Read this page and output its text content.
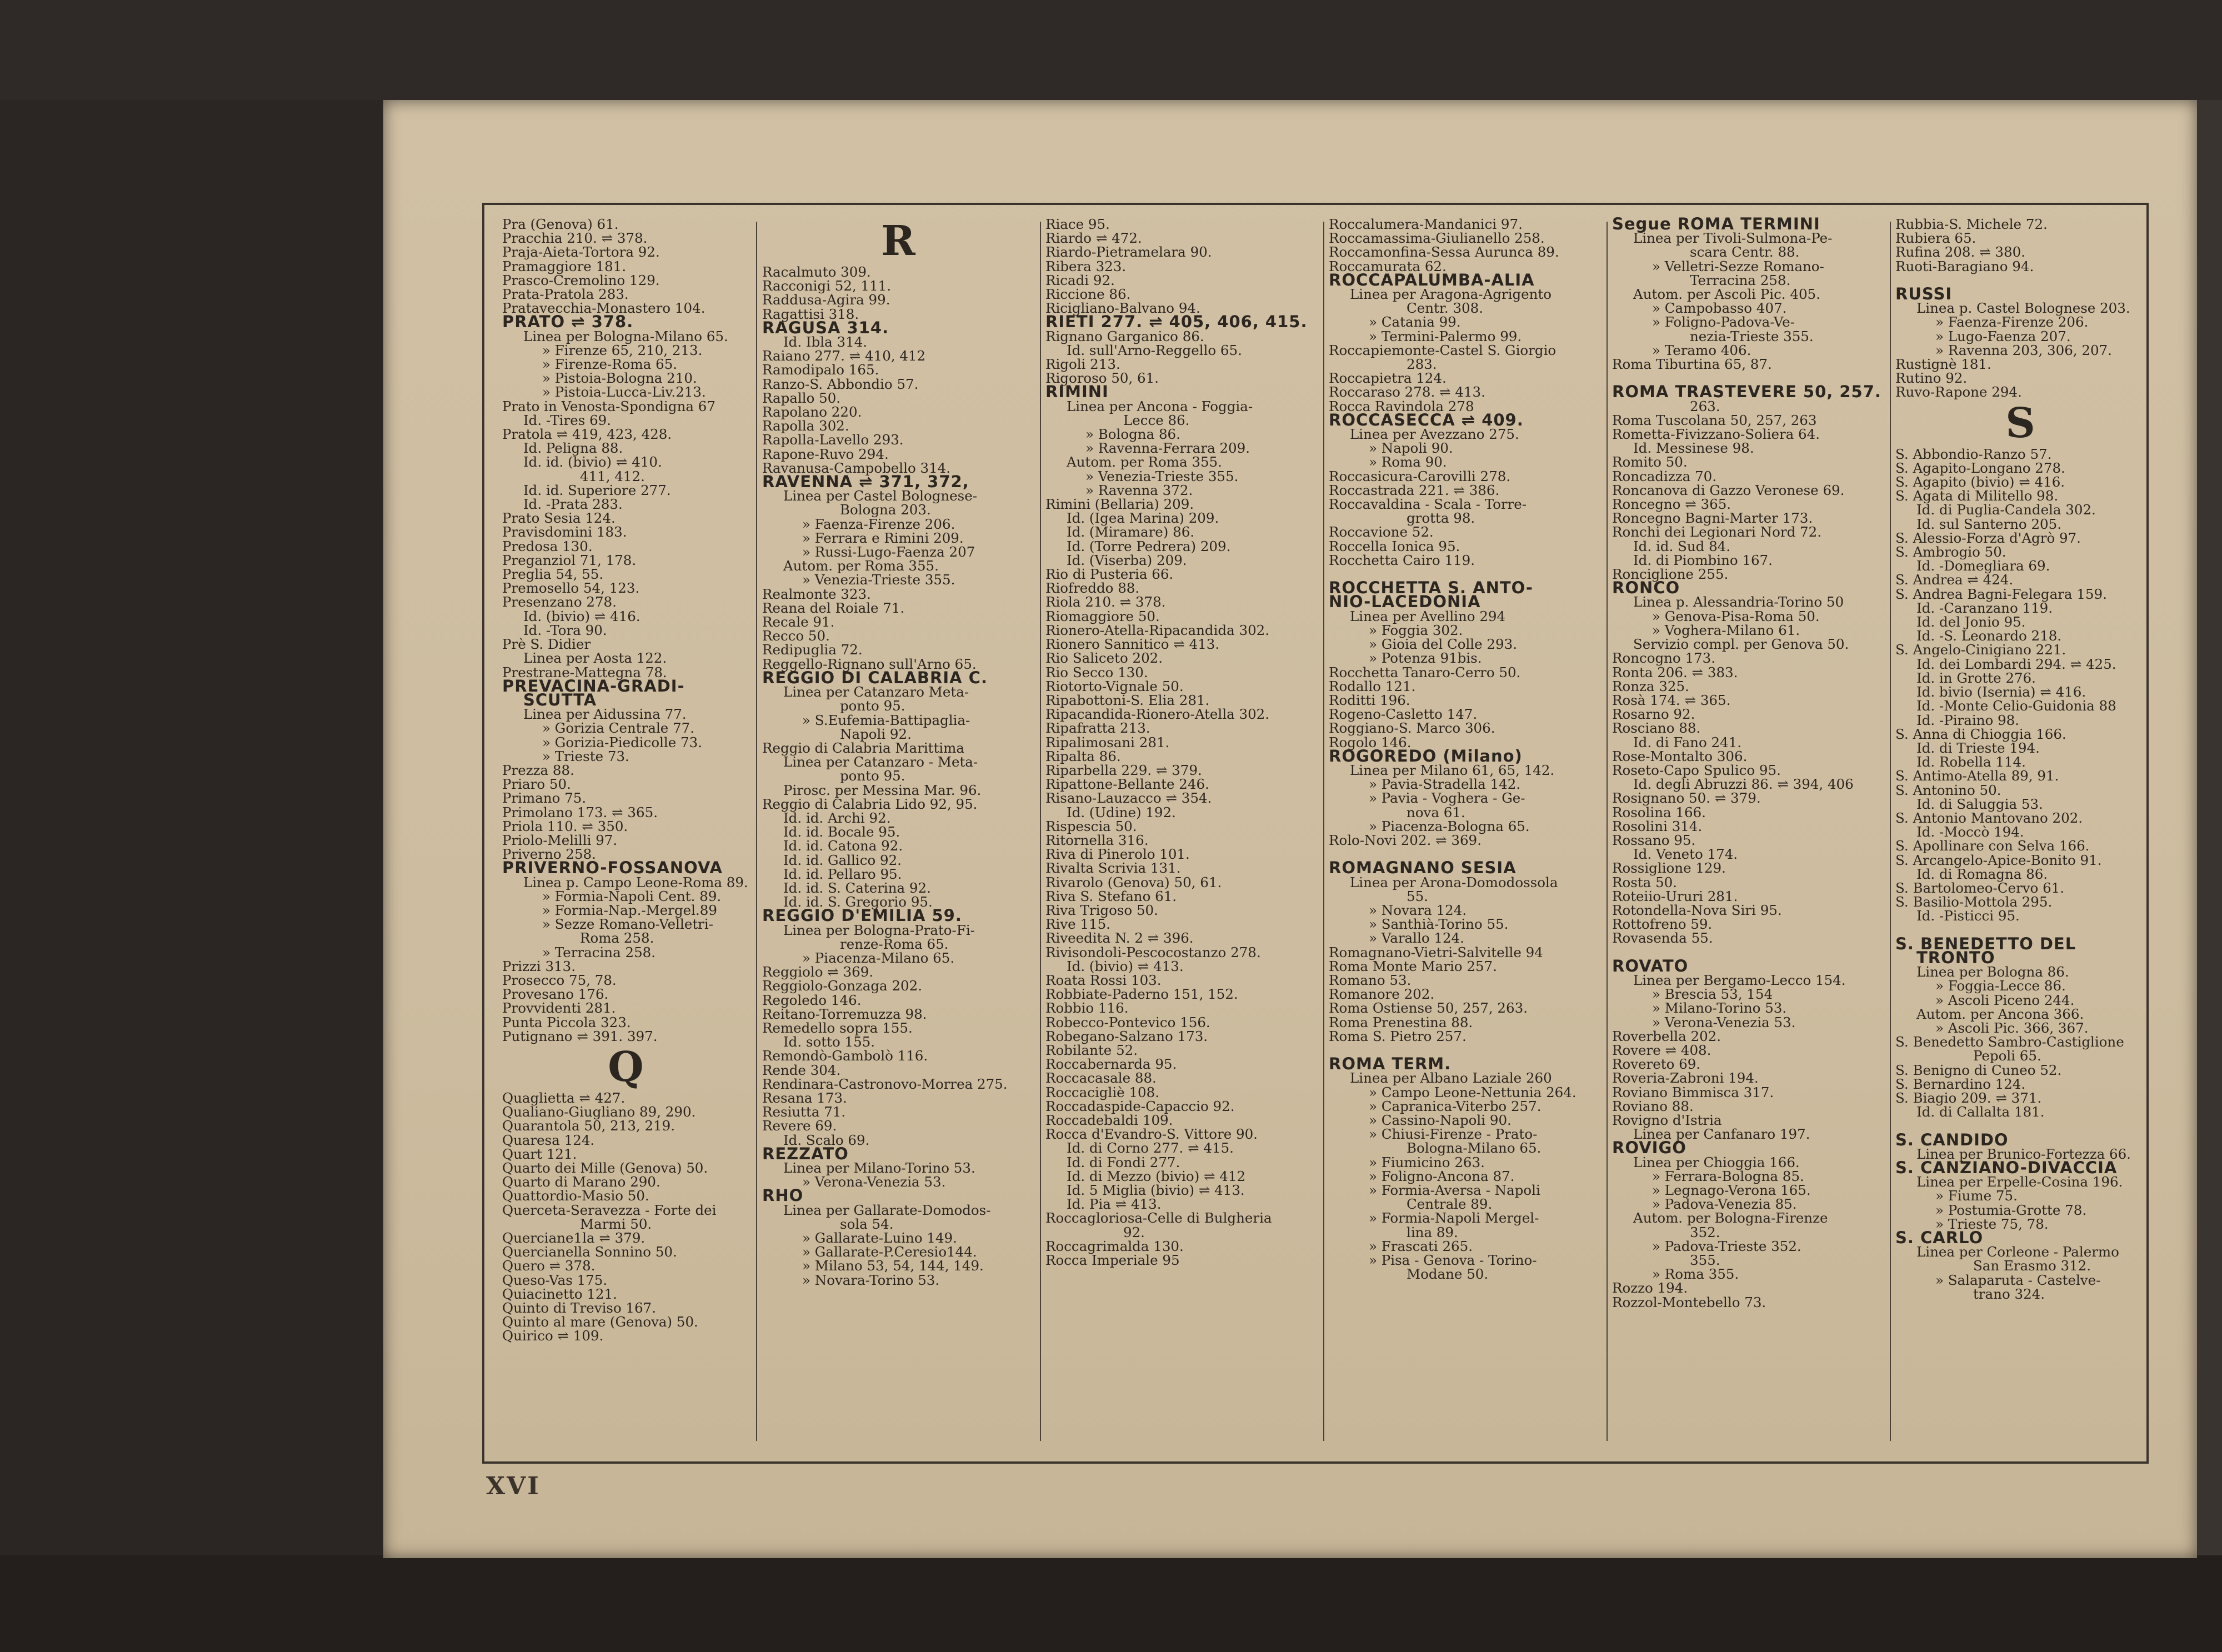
Pra (Genova) 61.
Pracchia 210. ⇌ 378.
Praja-Aieta-Tortora 92.
Pramaggiore 181.
Prasco-Cremolino 129.
Prata-Pratola 283.
Pratavecchia-Monastero 104.
PRATO ⇌ 378.
Linea per Bologna-Milano 65.
» Firenze 65, 210, 213.
» Firenze-Roma 65.
» Pistoia-Bologna 210.
» Pistoia-Lucca-Liv.213.
Prato in Venosta-Spondigna 67
Id. -Tires 69.
Pratola ⇌ 419, 423, 428.
Id. Peligna 88.
Id. id. (bivio) ⇌ 410.
411, 412.
Id. id. Superiore 277.
Id. -Prata 283.
Prato Sesia 124.
Pravisdomini 183.
Predosa 130.
Preganziol 71, 178.
Preglia 54, 55.
Premosello 54, 123.
Presenzano 278.
Id. (bivio) ⇌ 416.
Id. -Tora 90.
Prè S. Didier
Linea per Aosta 122.
Prestrane-Mattegna 78.
PREVACINA-GRADI-
SCUTTA
Linea per Aidussina 77.
» Gorizia Centrale 77.
» Gorizia-Piedicolle 73.
» Trieste 73.
Prezza 88.
Priaro 50.
Primano 75.
Primolano 173. ⇌ 365.
Priola 110. ⇌ 350.
Priolo-Melilli 97.
Priverno 258.
PRIVERNO-FOSSANOVA
Linea p. Campo Leone-Roma 89.
» Formia-Napoli Cent. 89.
» Formia-Nap.-Mergel.89
» Sezze Romano-Velletri-
Roma 258.
» Terracina 258.
Prizzi 313.
Prosecco 75, 78.
Provesano 176.
Provvidenti 281.
Punta Piccola 323.
Putignano ⇌ 391. 397.
Q
Quaglietta ⇌ 427.
Qualiano-Giugliano 89, 290.
Quarantola 50, 213, 219.
Quaresa 124.
Quart 121.
Quarto dei Mille (Genova) 50.
Quarto di Marano 290.
Quattordio-Masio 50.
Querceta-Seravezza - Forte dei
Marmi 50.
Querciane1la ⇌ 379.
Quercianella Sonnino 50.
Quero ⇌ 378.
Queso-Vas 175.
Quiacinetto 121.
Quinto di Treviso 167.
Quinto al mare (Genova) 50.
Quirico ⇌ 109.
R
Racalmuto 309.
Racconigi 52, 111.
Raddusa-Agira 99.
Ragattisi 318.
RAGUSA 314.
Id. Ibla 314.
Raiano 277. ⇌ 410, 412
Ramodipalo 165.
Ranzo-S. Abbondio 57.
Rapallo 50.
Rapolano 220.
Rapolla 302.
Rapolla-Lavello 293.
Rapone-Ruvo 294.
Ravanusa-Campobello 314.
RAVENNA ⇌ 371, 372,
Linea per Castel Bolognese-
Bologna 203.
» Faenza-Firenze 206.
» Ferrara e Rimini 209.
» Russi-Lugo-Faenza 207
Autom. per Roma 355.
» Venezia-Trieste 355.
Realmonte 323.
Reana del Roiale 71.
Recale 91.
Recco 50.
Redipuglia 72.
Reggello-Rignano sull'Arno 65.
REGGIO DI CALABRIA C.
Linea per Catanzaro Meta-
ponto 95.
» S.Eufemia-Battipaglia-
Napoli 92.
Reggio di Calabria Marittima
Linea per Catanzaro - Meta-
ponto 95.
Pirosc. per Messina Mar. 96.
Reggio di Calabria Lido 92, 95.
Id. id. Archi 92.
Id. id. Bocale 95.
Id. id. Catona 92.
Id. id. Gallico 92.
Id. id. Pellaro 95.
Id. id. S. Caterina 92.
Id. id. S. Gregorio 95.
REGGIO D'EMILIA 59.
Linea per Bologna-Prato-Fi-
renze-Roma 65.
» Piacenza-Milano 65.
Reggiolo ⇌ 369.
Reggiolo-Gonzaga 202.
Regoledo 146.
Reitano-Torremuzza 98.
Remedello sopra 155.
Id. sotto 155.
Remondò-Gambolò 116.
Rende 304.
Rendinara-Castronovo-Morrea 275.
Resana 173.
Resiutta 71.
Revere 69.
Id. Scalo 69.
REZZATO
Linea per Milano-Torino 53.
» Verona-Venezia 53.
RHO
Linea per Gallarate-Domodos-
sola 54.
» Gallarate-Luino 149.
» Gallarate-P.Ceresio144.
» Milano 53, 54, 144, 149.
» Novara-Torino 53.
Riace 95.
Riardo ⇌ 472.
Riardo-Pietramelara 90.
Ribera 323.
Ricadi 92.
Riccione 86.
Ricigliano-Balvano 94.
RIETI 277. ⇌ 405, 406, 415.
Rignano Garganico 86.
Id. sull'Arno-Reggello 65.
Rigoli 213.
Rigoroso 50, 61.
RIMINI
Linea per Ancona - Foggia-
Lecce 86.
» Bologna 86.
» Ravenna-Ferrara 209.
Autom. per Roma 355.
» Venezia-Trieste 355.
» Ravenna 372.
Rimini (Bellaria) 209.
Id. (Igea Marina) 209.
Id. (Miramare) 86.
Id. (Torre Pedrera) 209.
Id. (Viserba) 209.
Rio di Pusteria 66.
Riofreddo 88.
Riola 210. ⇌ 378.
Riomaggiore 50.
Rionero-Atella-Ripacandida 302.
Rionero Sannitico ⇌ 413.
Rio Saliceto 202.
Rio Secco 130.
Riotorto-Vignale 50.
Ripabottoni-S. Elia 281.
Ripacandida-Rionero-Atella 302.
Ripafratta 213.
Ripalimosani 281.
Ripalta 86.
Riparbella 229. ⇌ 379.
Ripattone-Bellante 246.
Risano-Lauzacco ⇌ 354.
Id. (Udine) 192.
Rispescia 50.
Ritornella 316.
Riva di Pinerolo 101.
Rivalta Scrivia 131.
Rivarolo (Genova) 50, 61.
Riva S. Stefano 61.
Riva Trigoso 50.
Rive 115.
Riveedita N. 2 ⇌ 396.
Rivisondoli-Pescocostanzo 278.
Id. (bivio) ⇌ 413.
Roata Rossi 103.
Robbiate-Paderno 151, 152.
Robbio 116.
Robecco-Pontevico 156.
Robegano-Salzano 173.
Robilante 52.
Roccabernarda 95.
Roccacasale 88.
Roccacigliè 108.
Roccadaspide-Capaccio 92.
Roccadebaldi 109.
Rocca d'Evandro-S. Vittore 90.
Id. di Corno 277. ⇌ 415.
Id. di Fondi 277.
Id. di Mezzo (bivio) ⇌ 412
Id. 5 Miglia (bivio) ⇌ 413.
Id. Pia ⇌ 413.
Roccagloriosa-Celle di Bulgheria
92.
Roccagrimalda 130.
Rocca Imperiale 95
Roccalumera-Mandanici 97.
Roccamassima-Giulianello 258.
Roccamonfina-Sessa Aurunca 89.
Roccamurata 62.
ROCCAPALUMBA-ALIA
Linea per Aragona-Agrigento
Centr. 308.
» Catania 99.
» Termini-Palermo 99.
Roccapiemonte-Castel S. Giorgio
283.
Roccapietra 124.
Roccaraso 278. ⇌ 413.
Rocca Ravindola 278
ROCCASECCA ⇌ 409.
Linea per Avezzano 275.
» Napoli 90.
» Roma 90.
Roccasicura-Carovilli 278.
Roccastrada 221. ⇌ 386.
Roccavaldina - Scala - Torre-
grotta 98.
Roccavione 52.
Roccella Ionica 95.
Rocchetta Cairo 119.

ROCCHETTA S. ANTO-
NIO-LACEDONIA
Linea per Avellino 294
» Foggia 302.
» Gioia del Colle 293.
» Potenza 91bis.
Rocchetta Tanaro-Cerro 50.
Rodallo 121.
Roditti 196.
Rogeno-Casletto 147.
Roggiano-S. Marco 306.
Rogolo 146.
ROGOREDO (Milano)
Linea per Milano 61, 65, 142.
» Pavia-Stradella 142.
» Pavia - Voghera - Ge-
nova 61.
» Piacenza-Bologna 65.
Rolo-Novi 202. ⇌ 369.

ROMAGNANO SESIA
Linea per Arona-Domodossola
55.
» Novara 124.
» Santhià-Torino 55.
» Varallo 124.
Romagnano-Vietri-Salvitelle 94
Roma Monte Mario 257.
Romano 53.
Romanore 202.
Roma Ostiense 50, 257, 263.
Roma Prenestina 88.
Roma S. Pietro 257.

ROMA TERM.
Linea per Albano Laziale 260
» Campo Leone-Nettunia 264.
» Capranica-Viterbo 257.
» Cassino-Napoli 90.
» Chiusi-Firenze - Prato-
Bologna-Milano 65.
» Fiumicino 263.
» Foligno-Ancona 87.
» Formia-Aversa - Napoli
Centrale 89.
» Formia-Napoli Mergel-
lina 89.
» Frascati 265.
» Pisa - Genova - Torino-
Modane 50.
Segue ROMA TERMINI
Linea per Tivoli-Sulmona-Pe-
scara Centr. 88.
» Velletri-Sezze Romano-
Terracina 258.
Autom. per Ascoli Pic. 405.
» Campobasso 407.
» Foligno-Padova-Ve-
nezia-Trieste 355.
» Teramo 406.
Roma Tiburtina 65, 87.

ROMA TRASTEVERE 50, 257.
263.
Roma Tuscolana 50, 257, 263
Rometta-Fivizzano-Soliera 64.
Id. Messinese 98.
Romito 50.
Roncadizza 70.
Roncanova di Gazzo Veronese 69.
Roncegno ⇌ 365.
Roncegno Bagni-Marter 173.
Ronchi dei Legionari Nord 72.
Id. id. Sud 84.
Id. di Piombino 167.
Ronciglione 255.
RONCO
Linea p. Alessandria-Torino 50
» Genova-Pisa-Roma 50.
» Voghera-Milano 61.
Servizio compl. per Genova 50.
Roncogno 173.
Ronta 206. ⇌ 383.
Ronza 325.
Rosà 174. ⇌ 365.
Rosarno 92.
Rosciano 88.
Id. di Fano 241.
Rose-Montalto 306.
Roseto-Capo Spulico 95.
Id. degli Abruzzi 86. ⇌ 394, 406
Rosignano 50. ⇌ 379.
Rosolina 166.
Rosolini 314.
Rossano 95.
Id. Veneto 174.
Rossiglione 129.
Rosta 50.
Roteiio-Ururi 281.
Rotondella-Nova Siri 95.
Rottofreno 59.
Rovasenda 55.

ROVATO
Linea per Bergamo-Lecco 154.
» Brescia 53, 154
» Milano-Torino 53.
» Verona-Venezia 53.
Roverbella 202.
Rovere ⇌ 408.
Rovereto 69.
Roveria-Zabroni 194.
Roviano Bimmisca 317.
Roviano 88.
Rovigno d'Istria
Linea per Canfanaro 197.
ROVIGO
Linea per Chioggia 166.
» Ferrara-Bologna 85.
» Legnago-Verona 165.
» Padova-Venezia 85.
Autom. per Bologna-Firenze
352.
» Padova-Trieste 352.
355.
» Roma 355.
Rozzo 194.
Rozzol-Montebello 73.
Rubbia-S. Michele 72.
Rubiera 65.
Rufina 208. ⇌ 380.
Ruoti-Baragiano 94.

RUSSI
Linea p. Castel Bolognese 203.
» Faenza-Firenze 206.
» Lugo-Faenza 207.
» Ravenna 203, 306, 207.
Rustignè 181.
Rutino 92.
Ruvo-Rapone 294.
S
S. Abbondio-Ranzo 57.
S. Agapito-Longano 278.
S. Agapito (bivio) ⇌ 416.
S. Agata di Militello 98.
Id. di Puglia-Candela 302.
Id. sul Santerno 205.
S. Alessio-Forza d'Agrò 97.
S. Ambrogio 50.
Id. -Domegliara 69.
S. Andrea ⇌ 424.
S. Andrea Bagni-Felegara 159.
Id. -Caranzano 119.
Id. del Jonio 95.
Id. -S. Leonardo 218.
S. Angelo-Cinigiano 221.
Id. dei Lombardi 294. ⇌ 425.
Id. in Grotte 276.
Id. bivio (Isernia) ⇌ 416.
Id. -Monte Celio-Guidonia 88
Id. -Piraino 98.
S. Anna di Chioggia 166.
Id. di Trieste 194.
Id. Robella 114.
S. Antimo-Atella 89, 91.
S. Antonino 50.
Id. di Saluggia 53.
S. Antonio Mantovano 202.
Id. -Moccò 194.
S. Apollinare con Selva 166.
S. Arcangelo-Apice-Bonito 91.
Id. di Romagna 86.
S. Bartolomeo-Cervo 61.
S. Basilio-Mottola 295.
Id. -Pisticci 95.

S. BENEDETTO DEL
TRONTO
Linea per Bologna 86.
» Foggia-Lecce 86.
» Ascoli Piceno 244.
Autom. per Ancona 366.
» Ascoli Pic. 366, 367.
S. Benedetto Sambro-Castiglione
Pepoli 65.
S. Benigno di Cuneo 52.
S. Bernardino 124.
S. Biagio 209. ⇌ 371.
Id. di Callalta 181.

S. CANDIDO
Linea per Brunico-Fortezza 66.
S. CANZIANO-DIVACCIA
Linea per Erpelle-Cosina 196.
» Fiume 75.
» Postumia-Grotte 78.
» Trieste 75, 78.
S. CARLO
Linea per Corleone - Palermo
San Erasmo 312.
» Salaparuta - Castelve-
trano 324.
XVI
